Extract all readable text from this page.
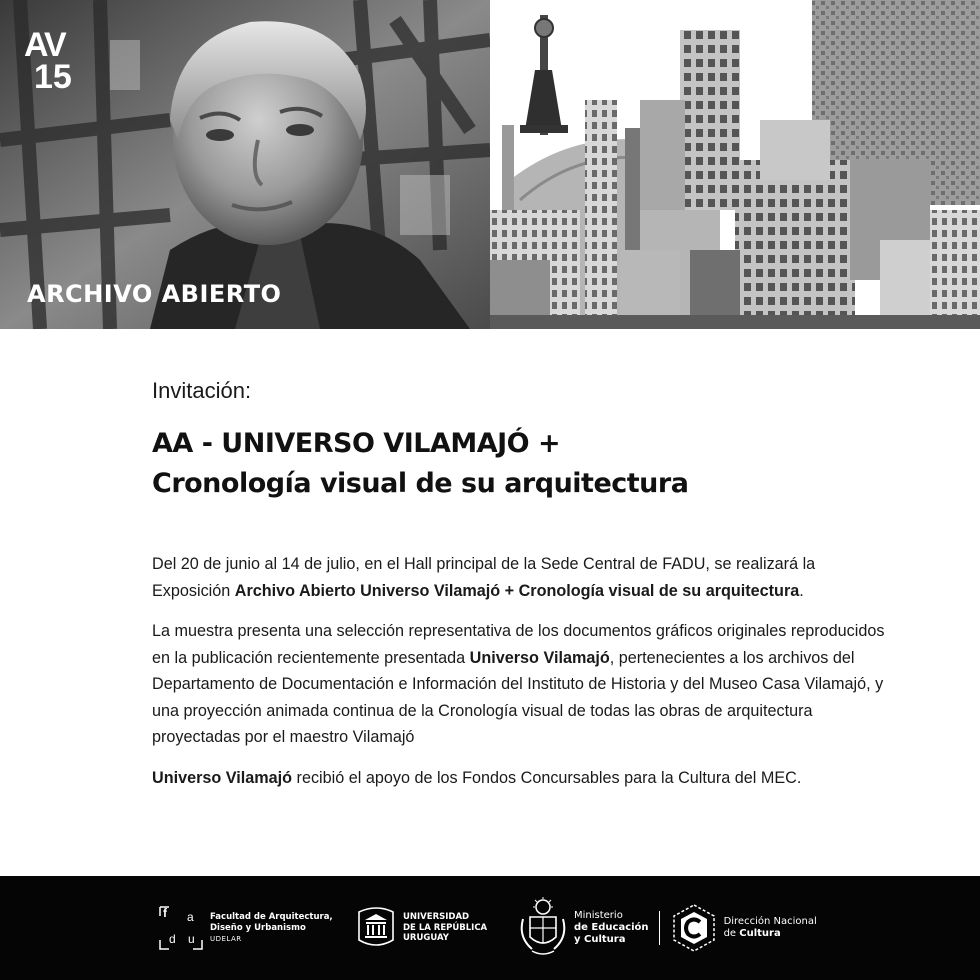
AV
15
ARCHIVO ABIERTO
Invitación:
AA - UNIVERSO VILAMAJÓ +
Cronología visual de su arquitectura

Del 20 de junio al 14 de julio, en el Hall principal de la Sede Central de FADU, se realizará la Exposición Archivo Abierto Universo Vilamajó + Cronología visual de su arquitectura.

La muestra presenta una selección representativa de los documentos gráficos originales reproducidos en la publicación recientemente presentada Universo Vilamajó, pertenecientes a los archivos del Departamento de Documentación e Información del Instituto de Historia y del Museo Casa Vilamajó, y una proyección animada continua de la Cronología visual de todas las obras de arquitectura proyectadas por el maestro Vilamajó

Universo Vilamajó recibió el apoyo de los Fondos Concursables para la Cultura del MEC.

f a
d u
Facultad de Arquitectura,
Diseño y Urbanismo
UDELAR
UNIVERSIDAD
DE LA REPÚBLICA
URUGUAY
Ministerio
de Educación
y Cultura
Dirección Nacional
de Cultura
